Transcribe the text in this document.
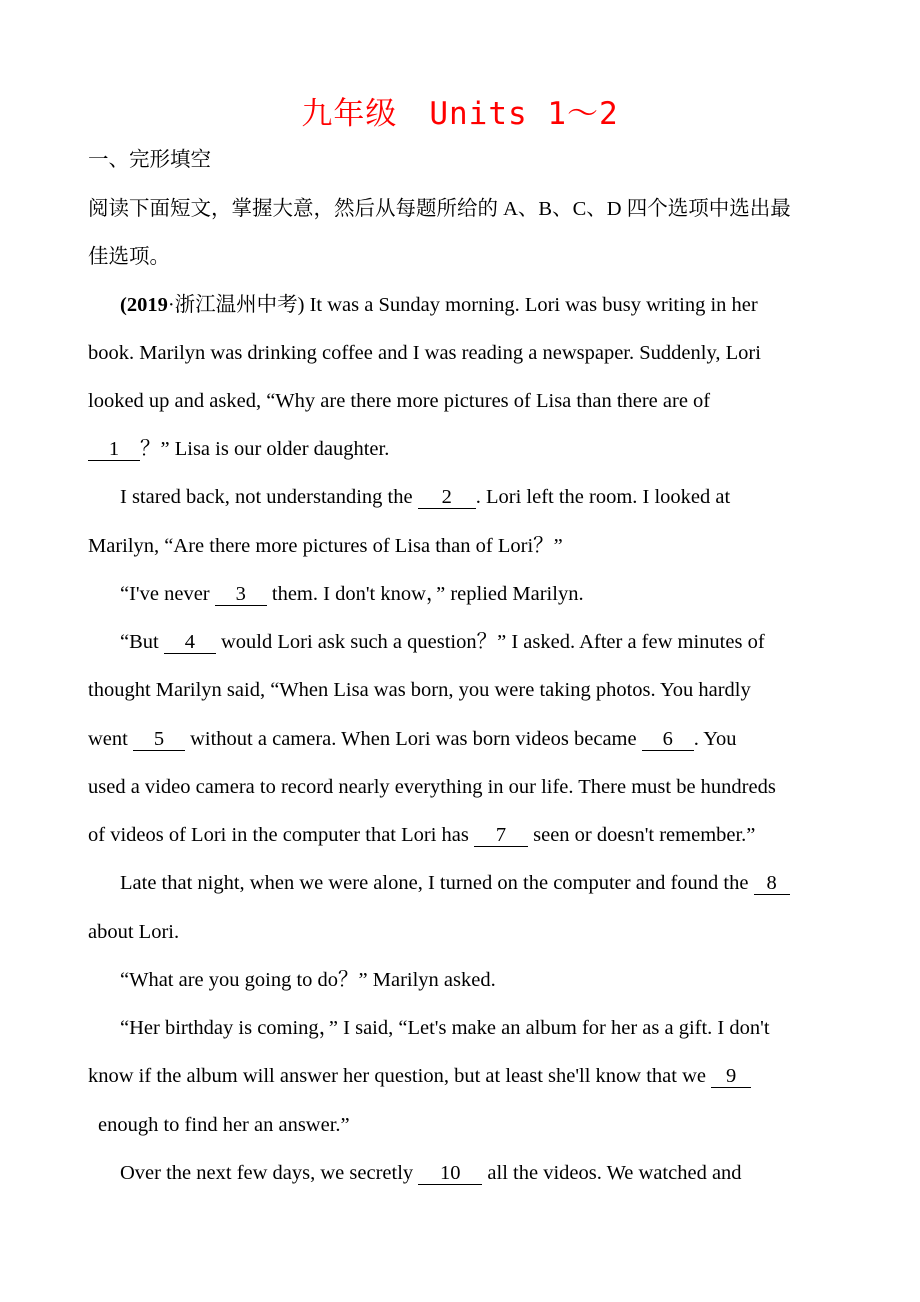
九年级　Units 1～2
一、完形填空
阅读下面短文，掌握大意，然后从每题所给的 A、B、C、D 四个选项中选出最
佳选项。
(2019·浙江温州中考) It was a Sunday morning. Lori was busy writing in her
book. Marilyn was drinking coffee and I was reading a newspaper. Suddenly, Lori
looked up and asked, “Why are there more pictures of Lisa than there are of
1 ？” Lisa is our older daughter.
I stared back, not understanding the 2 . Lori left the room. I looked at
Marilyn, “Are there more pictures of Lisa than of Lori？”
“I've never 3 them. I don't know，” replied Marilyn.
“But 4 would Lori ask such a question？” I asked. After a few minutes of
thought Marilyn said, “When Lisa was born, you were taking photos. You hardly
went 5 without a camera. When Lori was born videos became 6 . You
used a video camera to record nearly everything in our life. There must be hundreds
of videos of Lori in the computer that Lori has 7 seen or doesn't remember.”
Late that night, when we were alone, I turned on the computer and found the 8
about Lori.
“What are you going to do？” Marilyn asked.
“Her birthday is coming，” I said, “Let's make an album for her as a gift. I don't
know if the album will answer her question, but at least she'll know that we 9
enough to find her an answer.”
Over the next few days, we secretly 10 all the videos. We watched and
